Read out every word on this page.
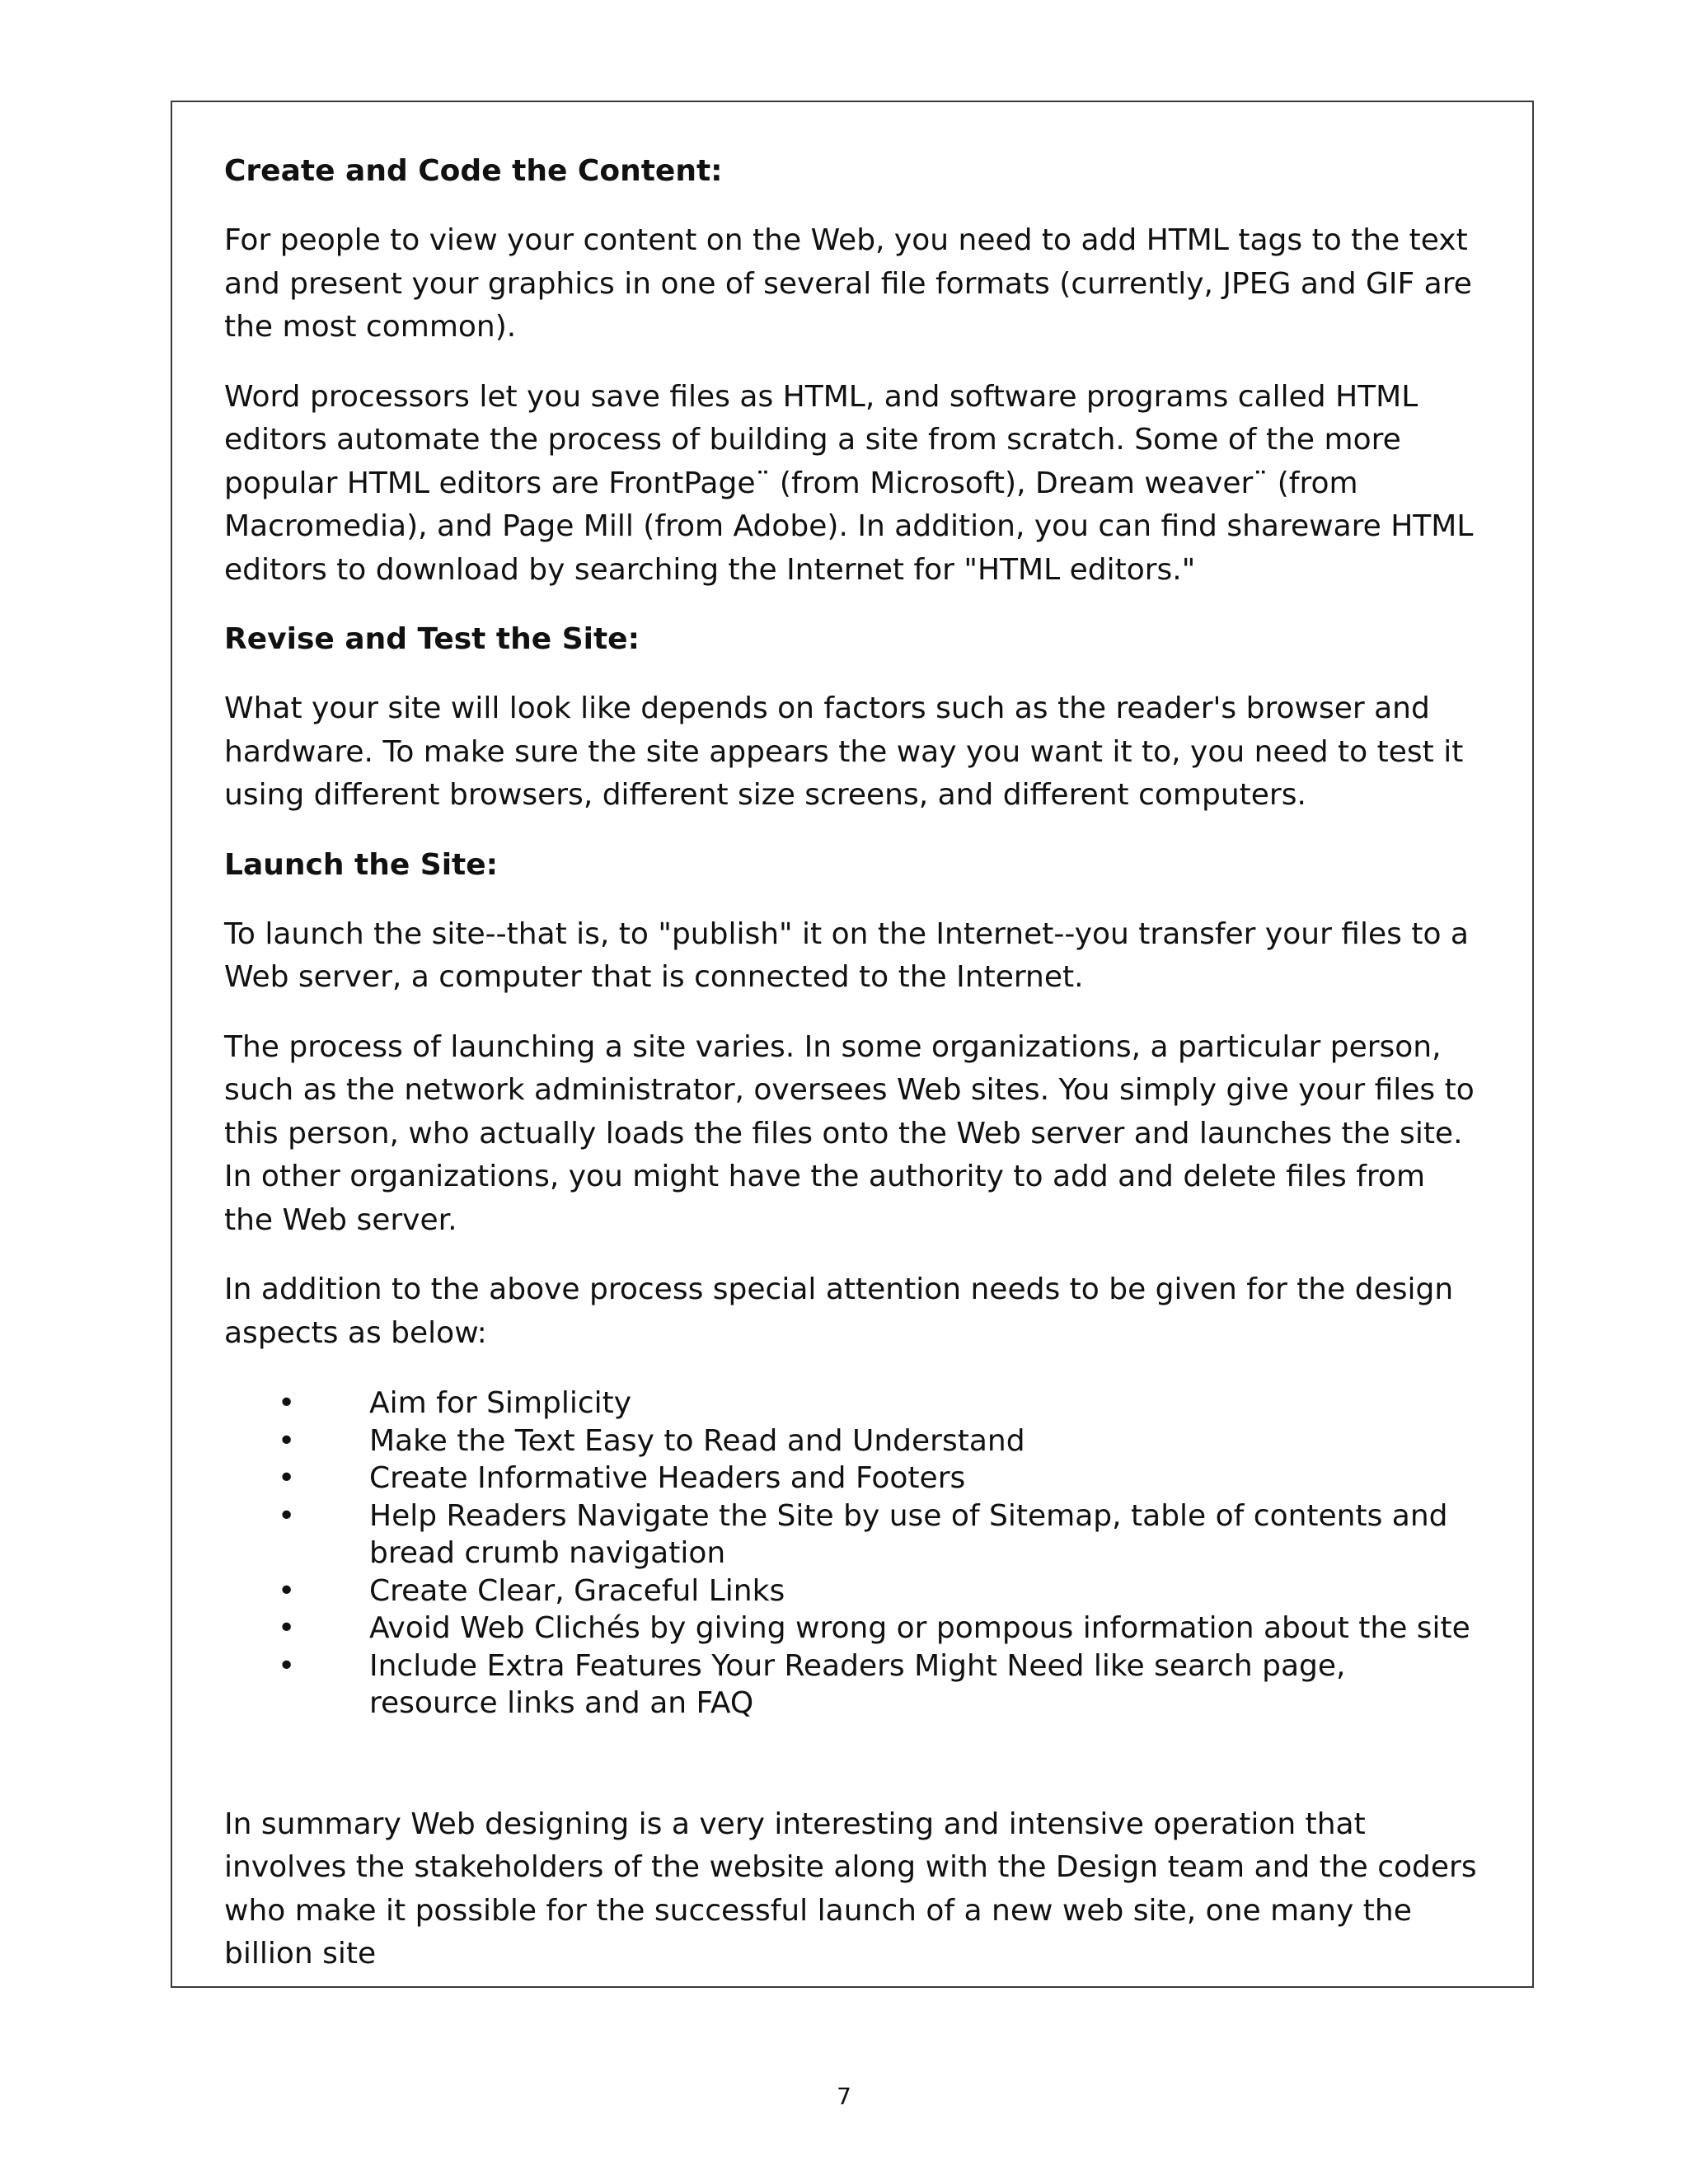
Create and Code the Content:

For people to view your content on the Web, you need to add HTML tags to the text and present your graphics in one of several file formats (currently, JPEG and GIF are the most common).

Word processors let you save files as HTML, and software programs called HTML editors automate the process of building a site from scratch. Some of the more popular HTML editors are FrontPage¨ (from Microsoft), Dream weaver¨ (from Macromedia), and Page Mill (from Adobe). In addition, you can find shareware HTML editors to download by searching the Internet for "HTML editors."

Revise and Test the Site:

What your site will look like depends on factors such as the reader's browser and hardware. To make sure the site appears the way you want it to, you need to test it using different browsers, different size screens, and different computers.

Launch the Site:

To launch the site--that is, to "publish" it on the Internet--you transfer your files to a Web server, a computer that is connected to the Internet.

The process of launching a site varies. In some organizations, a particular person, such as the network administrator, oversees Web sites. You simply give your files to this person, who actually loads the files onto the Web server and launches the site. In other organizations, you might have the authority to add and delete files from the Web server.

In addition to the above process special attention needs to be given for the design aspects as below:

• Aim for Simplicity
• Make the Text Easy to Read and Understand
• Create Informative Headers and Footers
• Help Readers Navigate the Site by use of Sitemap, table of contents and bread crumb navigation
• Create Clear, Graceful Links
• Avoid Web Clichés by giving wrong or pompous information about the site
• Include Extra Features Your Readers Might Need like search page, resource links and an FAQ

In summary Web designing is a very interesting and intensive operation that involves the stakeholders of the website along with the Design team and the coders who make it possible for the successful launch of a new web site, one many the billion site

7
